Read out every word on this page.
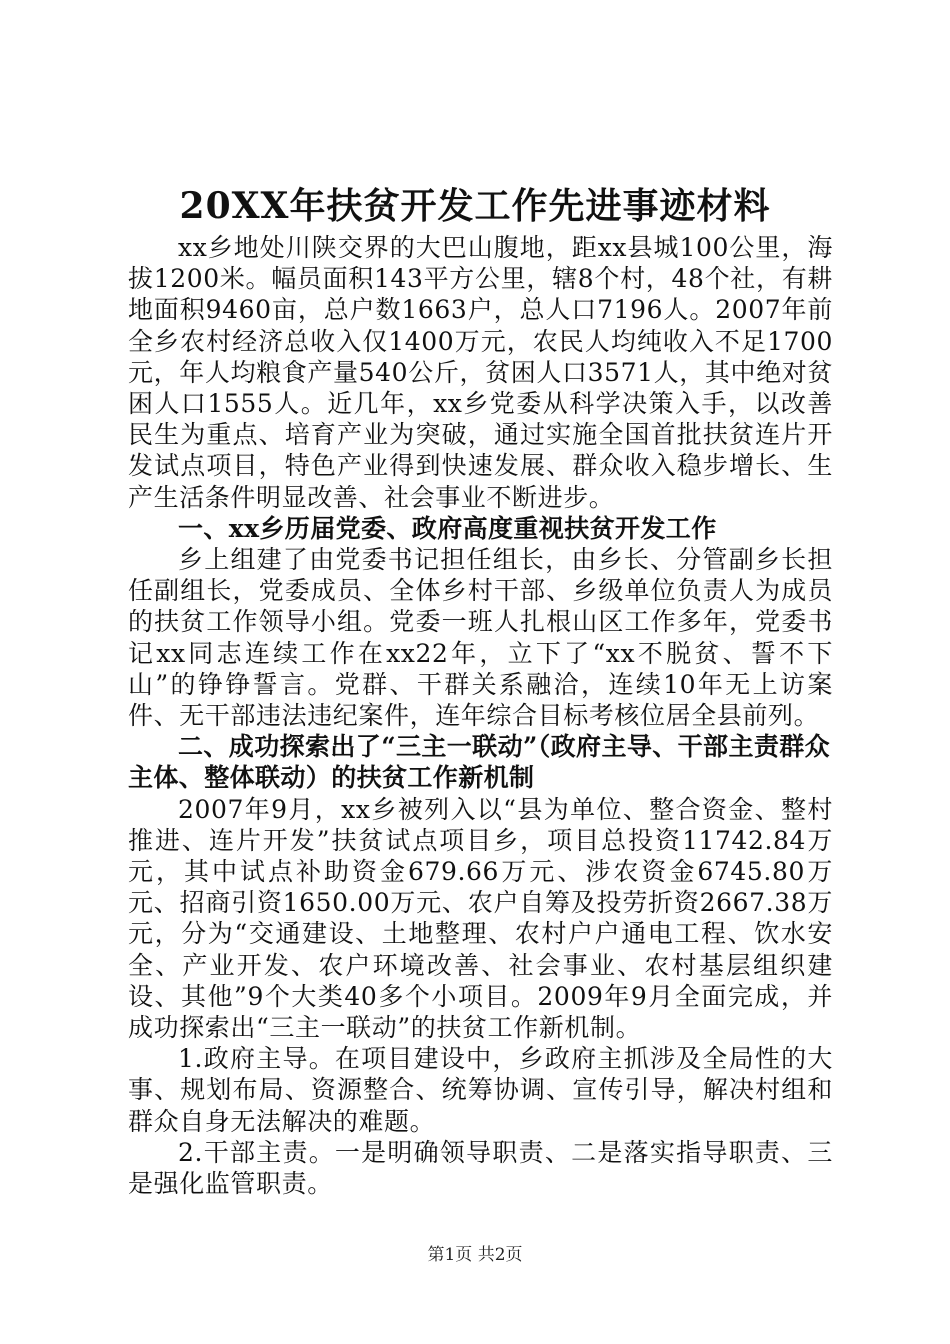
20XX年扶贫开发工作先进事迹材料

xx乡地处川陕交界的大巴山腹地，距xx县城100公里，海拔1200米。幅员面积143平方公里，辖8个村，48个社，有耕地面积9460亩，总户数1663户，总人口7196人。2007年前全乡农村经济总收入仅1400万元，农民人均纯收入不足1700元，年人均粮食产量540公斤，贫困人口3571人，其中绝对贫困人口1555人。近几年，xx乡党委从科学决策入手，以改善民生为重点、培育产业为突破，通过实施全国首批扶贫连片开发试点项目，特色产业得到快速发展、群众收入稳步增长、生产生活条件明显改善、社会事业不断进步。

一、xx乡历届党委、政府高度重视扶贫开发工作

乡上组建了由党委书记担任组长，由乡长、分管副乡长担任副组长，党委成员、全体乡村干部、乡级单位负责人为成员的扶贫工作领导小组。党委一班人扎根山区工作多年，党委书记xx同志连续工作在xx22年，立下了“xx不脱贫、誓不下山”的铮铮誓言。党群、干群关系融洽，连续10年无上访案件、无干部违法违纪案件，连年综合目标考核位居全县前列。

二、成功探索出了“三主一联动”（政府主导、干部主责群众主体、整体联动）的扶贫工作新机制

2007年9月，xx乡被列入以“县为单位、整合资金、整村推进、连片开发”扶贫试点项目乡，项目总投资11742.84万元，其中试点补助资金679.66万元、涉农资金6745.80万元、招商引资1650.00万元、农户自筹及投劳折资2667.38万元，分为“交通建设、土地整理、农村户户通电工程、饮水安全、产业开发、农户环境改善、社会事业、农村基层组织建设、其他”9个大类40多个小项目。2009年9月全面完成，并成功探索出“三主一联动”的扶贫工作新机制。

1.政府主导。在项目建设中，乡政府主抓涉及全局性的大事、规划布局、资源整合、统筹协调、宣传引导，解决村组和群众自身无法解决的难题。

2.干部主责。一是明确领导职责、二是落实指导职责、三是强化监管职责。

第1页 共2页
